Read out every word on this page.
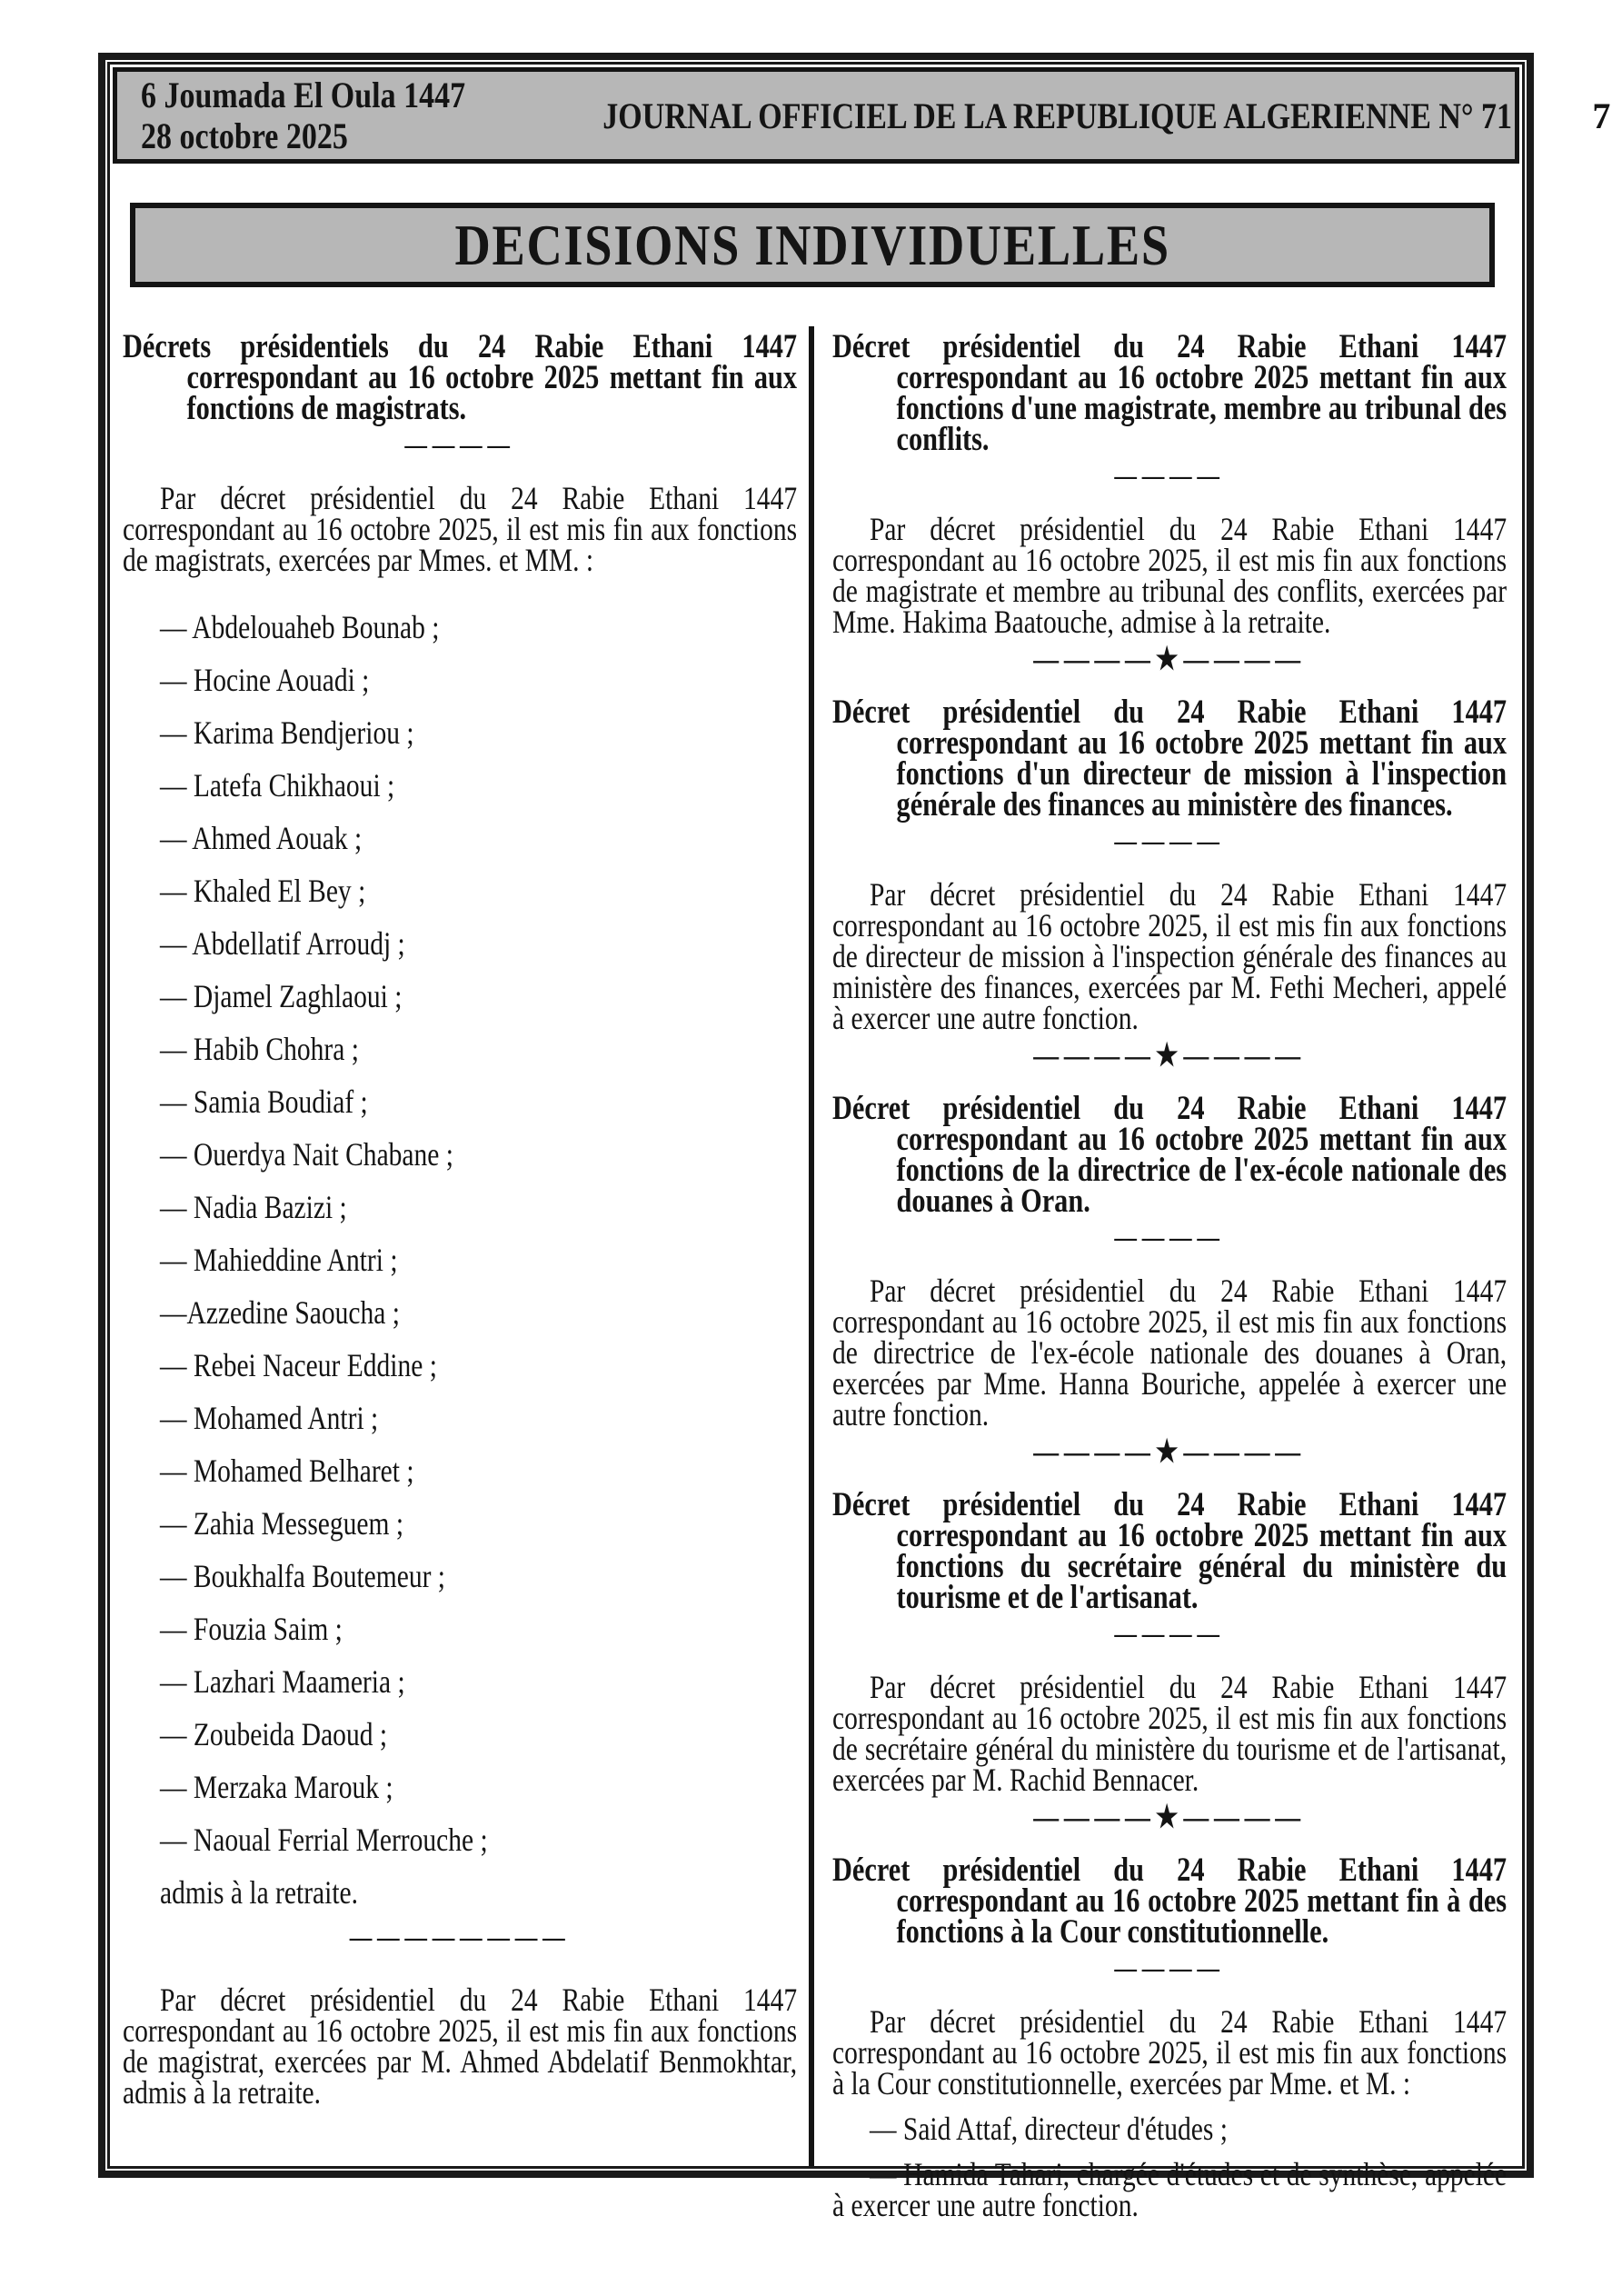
6 Joumada El Oula 1447
28 octobre 2025	JOURNAL OFFICIEL DE LA REPUBLIQUE ALGERIENNE N° 71 7
DECISIONS INDIVIDUELLES

Décrets présidentiels du 24 Rabie Ethani 1447 correspondant au 16 octobre 2025 mettant fin aux fonctions de magistrats.

————

Par décret présidentiel du 24 Rabie Ethani 1447 correspondant au 16 octobre 2025, il est mis fin aux fonctions de magistrats, exercées par Mmes. et MM. :

— Abdelouaheb Bounab ;

— Hocine Aouadi ;

— Karima Bendjeriou ;

— Latefa Chikhaoui ;

— Ahmed Aouak ;

— Khaled El Bey ;

— Abdellatif Arroudj ;

— Djamel Zaghlaoui ;

— Habib Chohra ;

— Samia Boudiaf ;

— Ouerdya Nait Chabane ;

— Nadia Bazizi ;

— Mahieddine Antri ;

—Azzedine Saoucha ;

— Rebei Naceur Eddine ;

— Mohamed Antri ;

— Mohamed Belharet ;

— Zahia Messeguem ;

— Boukhalfa Boutemeur ;

— Fouzia Saim ;

— Lazhari Maameria ;

— Zoubeida Daoud ;

— Merzaka Marouk ;

— Naoual Ferrial Merrouche ;

admis à la retraite.

————————

Par décret présidentiel du 24 Rabie Ethani 1447 correspondant au 16 octobre 2025, il est mis fin aux fonctions de magistrat, exercées par M. Ahmed Abdelatif Benmokhtar, admis à la retraite.

Décret présidentiel du 24 Rabie Ethani 1447 correspondant au 16 octobre 2025 mettant fin aux fonctions d'une magistrate, membre au tribunal des conflits.

————

Par décret présidentiel du 24 Rabie Ethani 1447 correspondant au 16 octobre 2025, il est mis fin aux fonctions de magistrate et membre au tribunal des conflits, exercées par Mme. Hakima Baatouche, admise à la retraite.

————★————

Décret présidentiel du 24 Rabie Ethani 1447 correspondant au 16 octobre 2025 mettant fin aux fonctions d'un directeur de mission à l'inspection générale des finances au ministère des finances.

————

Par décret présidentiel du 24 Rabie Ethani 1447 correspondant au 16 octobre 2025, il est mis fin aux fonctions de directeur de mission à l'inspection générale des finances au ministère des finances, exercées par M. Fethi Mecheri, appelé à exercer une autre fonction.

————★————

Décret présidentiel du 24 Rabie Ethani 1447 correspondant au 16 octobre 2025 mettant fin aux fonctions de la directrice de l'ex-école nationale des douanes à Oran.

————

Par décret présidentiel du 24 Rabie Ethani 1447 correspondant au 16 octobre 2025, il est mis fin aux fonctions de directrice de l'ex-école nationale des douanes à Oran, exercées par Mme. Hanna Bouriche, appelée à exercer une autre fonction.

————★————

Décret présidentiel du 24 Rabie Ethani 1447 correspondant au 16 octobre 2025 mettant fin aux fonctions du secrétaire général du ministère du tourisme et de l'artisanat.

————

Par décret présidentiel du 24 Rabie Ethani 1447 correspondant au 16 octobre 2025, il est mis fin aux fonctions de secrétaire général du ministère du tourisme et de l'artisanat, exercées par M. Rachid Bennacer.

————★————

Décret présidentiel du 24 Rabie Ethani 1447 correspondant au 16 octobre 2025 mettant fin à des fonctions à la Cour constitutionnelle.

————

Par décret présidentiel du 24 Rabie Ethani 1447 correspondant au 16 octobre 2025, il est mis fin aux fonctions à la Cour constitutionnelle, exercées par Mme. et M. :

— Said Attaf, directeur d'études ;

— Hamida Tahari, chargée d'études et de synthèse, appelée à exercer une autre fonction.
